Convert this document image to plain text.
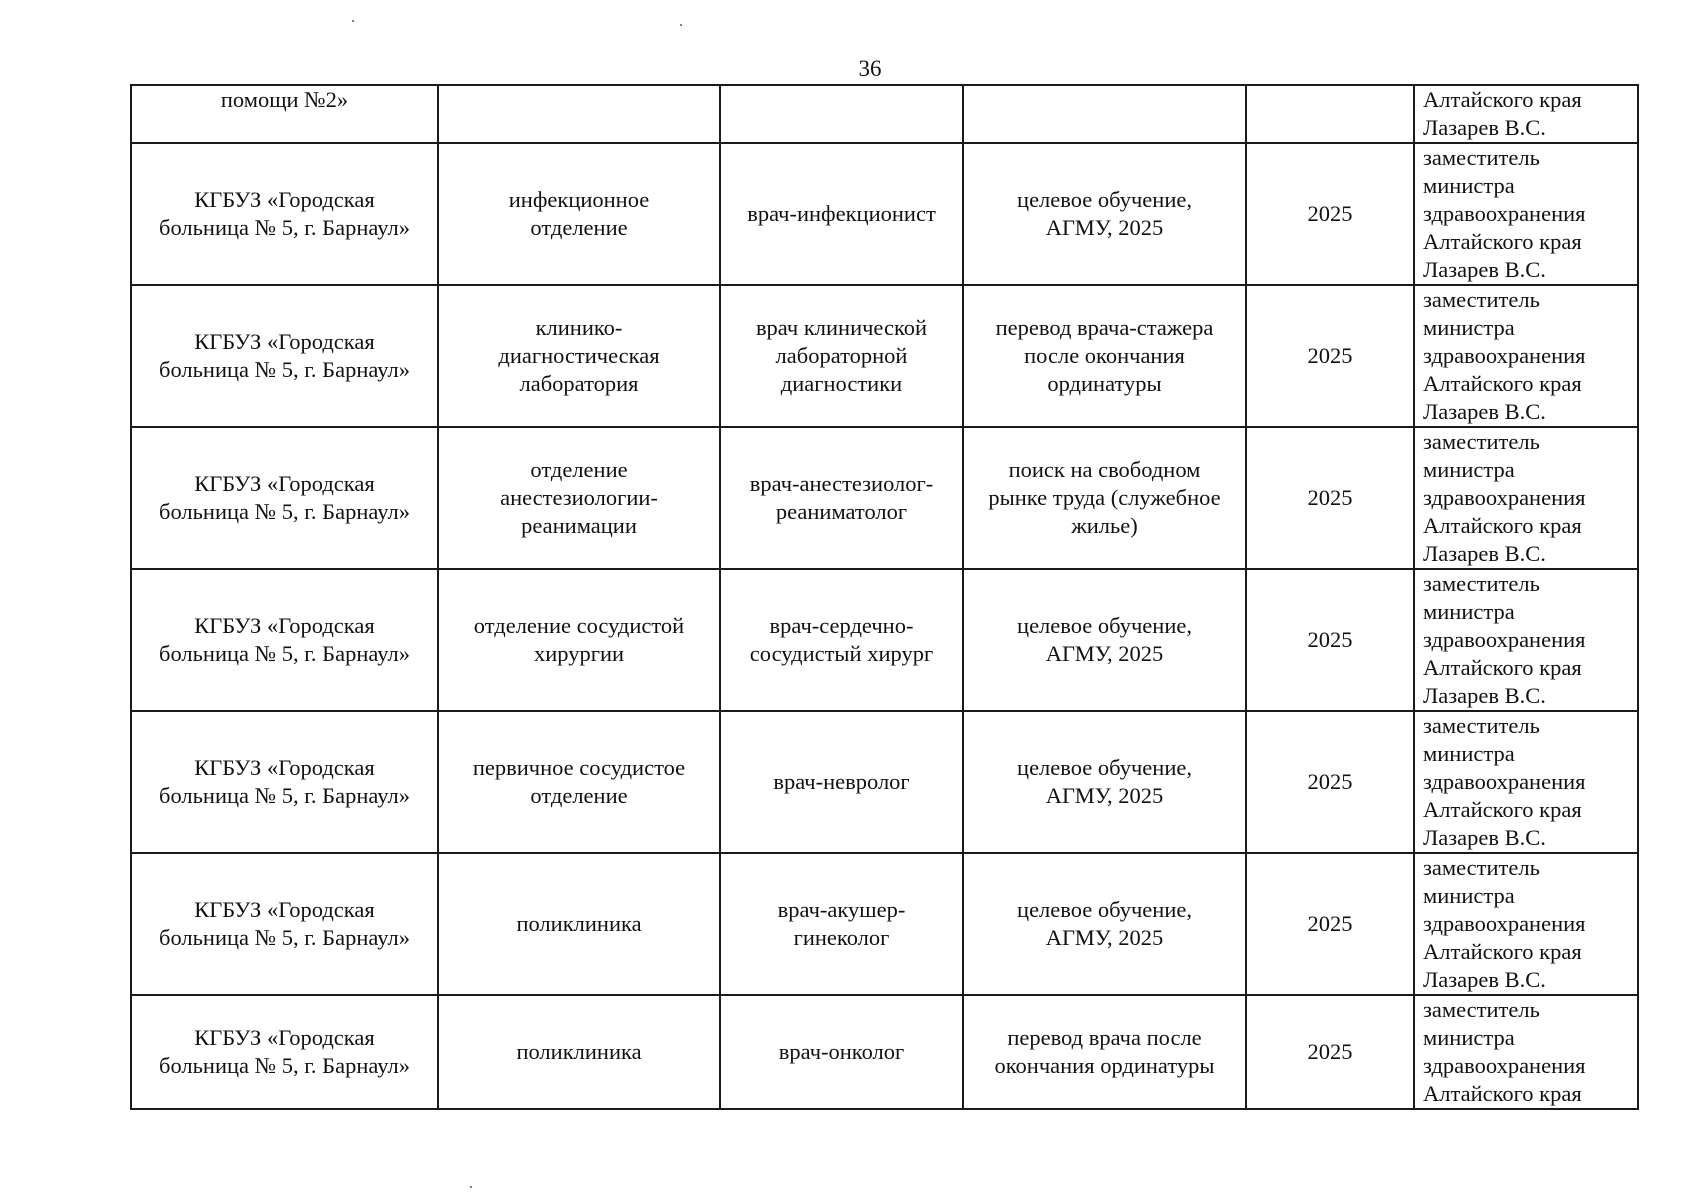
36
помощи №2»					Алтайского края
Лазарев В.С.

КГБУЗ «Городская
больница № 5, г. Барнаул»	инфекционное
отделение	врач-инфекционист	целевое обучение,
АГМУ, 2025	2025	заместитель
министра
здравоохранения
Алтайского края
Лазарев В.С.

КГБУЗ «Городская
больница № 5, г. Барнаул»	клинико-
диагностическая
лаборатория	врач клинической
лабораторной
диагностики	перевод врача-стажера
после окончания
ординатуры	2025	заместитель
министра
здравоохранения
Алтайского края
Лазарев В.С.

КГБУЗ «Городская
больница № 5, г. Барнаул»	отделение
анестезиологии-
реанимации	врач-анестезиолог-
реаниматолог	поиск на свободном
рынке труда (служебное
жилье)	2025	заместитель
министра
здравоохранения
Алтайского края
Лазарев В.С.

КГБУЗ «Городская
больница № 5, г. Барнаул»	отделение сосудистой
хирургии	врач-сердечно-
сосудистый хирург	целевое обучение,
АГМУ, 2025	2025	заместитель
министра
здравоохранения
Алтайского края
Лазарев В.С.

КГБУЗ «Городская
больница № 5, г. Барнаул»	первичное сосудистое
отделение	врач-невролог	целевое обучение,
АГМУ, 2025	2025	заместитель
министра
здравоохранения
Алтайского края
Лазарев В.С.

КГБУЗ «Городская
больница № 5, г. Барнаул»	поликлиника	врач-акушер-
гинеколог	целевое обучение,
АГМУ, 2025	2025	заместитель
министра
здравоохранения
Алтайского края
Лазарев В.С.

КГБУЗ «Городская
больница № 5, г. Барнаул»	поликлиника	врач-онколог	перевод врача после
окончания ординатуры	2025	заместитель
министра
здравоохранения
Алтайского края
